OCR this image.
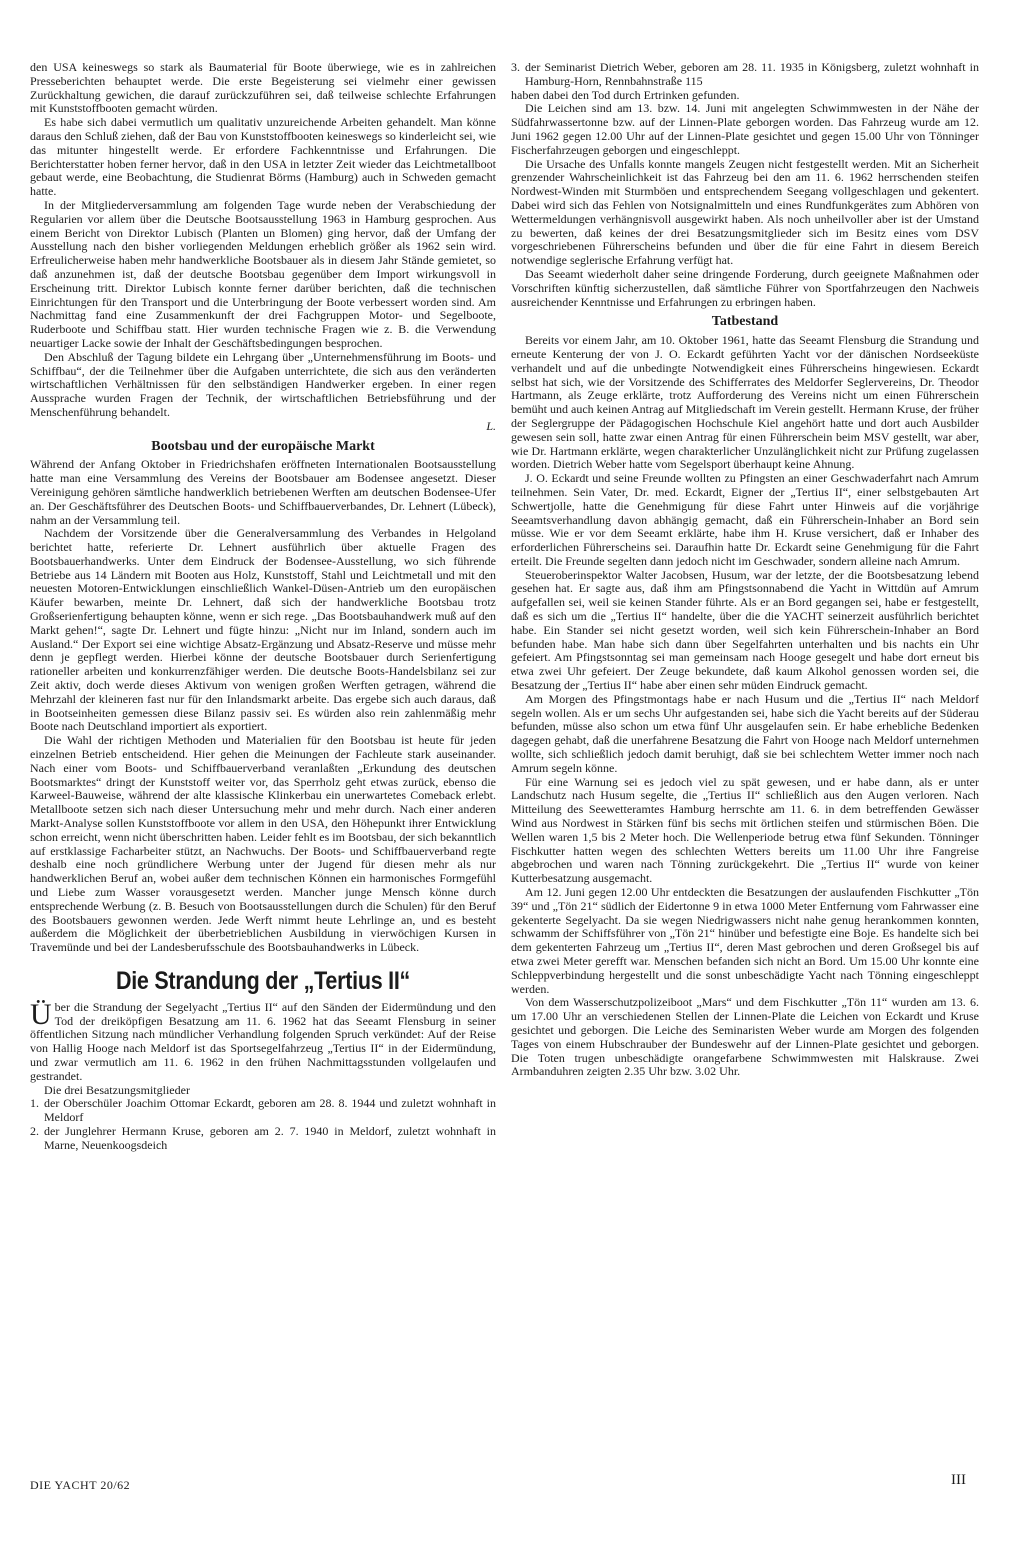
den USA keineswegs so stark als Baumaterial für Boote überwiege, wie es in zahlreichen Presseberichten behauptet werde. Die erste Begeisterung sei vielmehr einer gewissen Zurückhaltung gewichen, die darauf zurückzuführen sei, daß teilweise schlechte Erfahrungen mit Kunststoffbooten gemacht würden.

Es habe sich dabei vermutlich um qualitativ unzureichende Arbeiten gehandelt. Man könne daraus den Schluß ziehen, daß der Bau von Kunststoffbooten keineswegs so kinderleicht sei, wie das mitunter hingestellt werde. Er erfordere Fachkenntnisse und Erfahrungen. Die Berichterstatter hoben ferner hervor, daß in den USA in letzter Zeit wieder das Leichtmetallboot gebaut werde, eine Beobachtung, die Studienrat Börms (Hamburg) auch in Schweden gemacht hatte.

In der Mitgliederversammlung am folgenden Tage wurde neben der Verabschiedung der Regularien vor allem über die Deutsche Bootsausstellung 1963 in Hamburg gesprochen. Aus einem Bericht von Direktor Lubisch (Planten un Blomen) ging hervor, daß der Umfang der Ausstellung nach den bisher vorliegenden Meldungen erheblich größer als 1962 sein wird. Erfreulicherweise haben mehr handwerkliche Bootsbauer als in diesem Jahr Stände gemietet, so daß anzunehmen ist, daß der deutsche Bootsbau gegenüber dem Import wirkungsvoll in Erscheinung tritt. Direktor Lubisch konnte ferner darüber berichten, daß die technischen Einrichtungen für den Transport und die Unterbringung der Boote verbessert worden sind. Am Nachmittag fand eine Zusammenkunft der drei Fachgruppen Motor- und Segelboote, Ruderboote und Schiffbau statt. Hier wurden technische Fragen wie z. B. die Verwendung neuartiger Lacke sowie der Inhalt der Geschäftsbedingungen besprochen.

Den Abschluß der Tagung bildete ein Lehrgang über „Unternehmensführung im Boots- und Schiffbau“, der die Teilnehmer über die Aufgaben unterrichtete, die sich aus den veränderten wirtschaftlichen Verhältnissen für den selbständigen Handwerker ergeben. In einer regen Aussprache wurden Fragen der Technik, der wirtschaftlichen Betriebsführung und der Menschenführung behandelt.

L.

Bootsbau und der europäische Markt

Während der Anfang Oktober in Friedrichshafen eröffneten Internationalen Bootsausstellung hatte man eine Versammlung des Vereins der Bootsbauer am Bodensee angesetzt. Dieser Vereinigung gehören sämtliche handwerklich betriebenen Werften am deutschen Bodensee-Ufer an. Der Geschäftsführer des Deutschen Boots- und Schiffbauerverbandes, Dr. Lehnert (Lübeck), nahm an der Versammlung teil.

Nachdem der Vorsitzende über die Generalversammlung des Verbandes in Helgoland berichtet hatte, referierte Dr. Lehnert ausführlich über aktuelle Fragen des Bootsbauerhandwerks. Unter dem Eindruck der Bodensee-Ausstellung, wo sich führende Betriebe aus 14 Ländern mit Booten aus Holz, Kunststoff, Stahl und Leichtmetall und mit den neuesten Motoren-Entwicklungen einschließlich Wankel-Düsen-Antrieb um den europäischen Käufer bewarben, meinte Dr. Lehnert, daß sich der handwerkliche Bootsbau trotz Großserienfertigung behaupten könne, wenn er sich rege. „Das Bootsbauhandwerk muß auf den Markt gehen!“, sagte Dr. Lehnert und fügte hinzu: „Nicht nur im Inland, sondern auch im Ausland.“ Der Export sei eine wichtige Absatz-Ergänzung und Absatz-Reserve und müsse mehr denn je gepflegt werden. Hierbei könne der deutsche Bootsbauer durch Serienfertigung rationeller arbeiten und konkurrenzfähiger werden. Die deutsche Boots-Handelsbilanz sei zur Zeit aktiv, doch werde dieses Aktivum von wenigen großen Werften getragen, während die Mehrzahl der kleineren fast nur für den Inlandsmarkt arbeite. Das ergebe sich auch daraus, daß in Bootseinheiten gemessen diese Bilanz passiv sei. Es würden also rein zahlenmäßig mehr Boote nach Deutschland importiert als exportiert.

Die Wahl der richtigen Methoden und Materialien für den Bootsbau ist heute für jeden einzelnen Betrieb entscheidend. Hier gehen die Meinungen der Fachleute stark auseinander. Nach einer vom Boots- und Schiffbauerverband veranlaßten „Erkundung des deutschen Bootsmarktes“ dringt der Kunststoff weiter vor, das Sperrholz geht etwas zurück, ebenso die Karweel-Bauweise, während der alte klassische Klinkerbau ein unerwartetes Comeback erlebt. Metallboote setzen sich nach dieser Untersuchung mehr und mehr durch. Nach einer anderen Markt-Analyse sollen Kunststoffboote vor allem in den USA, den Höhepunkt ihrer Entwicklung schon erreicht, wenn nicht überschritten haben. Leider fehlt es im Bootsbau, der sich bekanntlich auf erstklassige Facharbeiter stützt, an Nachwuchs. Der Boots- und Schiffbauerverband regte deshalb eine noch gründlichere Werbung unter der Jugend für diesen mehr als nur handwerklichen Beruf an, wobei außer dem technischen Können ein harmonisches Formgefühl und Liebe zum Wasser vorausgesetzt werden. Mancher junge Mensch könne durch entsprechende Werbung (z. B. Besuch von Bootsausstellungen durch die Schulen) für den Beruf des Bootsbauers gewonnen werden. Jede Werft nimmt heute Lehrlinge an, und es besteht außerdem die Möglichkeit der überbetrieblichen Ausbildung in vierwöchigen Kursen in Travemünde und bei der Landesberufsschule des Bootsbauhandwerks in Lübeck.

Die Strandung der „Tertius II“

Über die Strandung der Segelyacht „Tertius II“ auf den Sänden der Eidermündung und den Tod der dreiköpfigen Besatzung am 11. 6. 1962 hat das Seeamt Flensburg in seiner öffentlichen Sitzung nach mündlicher Verhandlung folgenden Spruch verkündet: Auf der Reise von Hallig Hooge nach Meldorf ist das Sportsegelfahrzeug „Tertius II“ in der Eidermündung, und zwar vermutlich am 11. 6. 1962 in den frühen Nachmittagsstunden vollgelaufen und gestrandet.

Die drei Besatzungsmitglieder

1. der Oberschüler Joachim Ottomar Eckardt, geboren am 28. 8. 1944 und zuletzt wohnhaft in Meldorf
2. der Junglehrer Hermann Kruse, geboren am 2. 7. 1940 in Meldorf, zuletzt wohnhaft in Marne, Neuenkoogsdeich
3. der Seminarist Dietrich Weber, geboren am 28. 11. 1935 in Königsberg, zuletzt wohnhaft in Hamburg-Horn, Rennbahnstraße 115

haben dabei den Tod durch Ertrinken gefunden.

Die Leichen sind am 13. bzw. 14. Juni mit angelegten Schwimmwesten in der Nähe der Südfahrwassertonne bzw. auf der Linnen-Plate geborgen worden. Das Fahrzeug wurde am 12. Juni 1962 gegen 12.00 Uhr auf der Linnen-Plate gesichtet und gegen 15.00 Uhr von Tönninger Fischerfahrzeugen geborgen und eingeschleppt.

Die Ursache des Unfalls konnte mangels Zeugen nicht festgestellt werden. Mit an Sicherheit grenzender Wahrscheinlichkeit ist das Fahrzeug bei den am 11. 6. 1962 herrschenden steifen Nordwest-Winden mit Sturmböen und entsprechendem Seegang vollgeschlagen und gekentert. Dabei wird sich das Fehlen von Notsignalmitteln und eines Rundfunkgerätes zum Abhören von Wettermeldungen verhängnisvoll ausgewirkt haben. Als noch unheilvoller aber ist der Umstand zu bewerten, daß keines der drei Besatzungsmitglieder sich im Besitz eines vom DSV vorgeschriebenen Führerscheins befunden und über die für eine Fahrt in diesem Bereich notwendige seglerische Erfahrung verfügt hat.

Das Seeamt wiederholt daher seine dringende Forderung, durch geeignete Maßnahmen oder Vorschriften künftig sicherzustellen, daß sämtliche Führer von Sportfahrzeugen den Nachweis ausreichender Kenntnisse und Erfahrungen zu erbringen haben.

Tatbestand

Bereits vor einem Jahr, am 10. Oktober 1961, hatte das Seeamt Flensburg die Strandung und erneute Kenterung der von J. O. Eckardt geführten Yacht vor der dänischen Nordseeküste verhandelt und auf die unbedingte Notwendigkeit eines Führerscheins hingewiesen. Eckardt selbst hat sich, wie der Vorsitzende des Schifferrates des Meldorfer Seglervereins, Dr. Theodor Hartmann, als Zeuge erklärte, trotz Aufforderung des Vereins nicht um einen Führerschein bemüht und auch keinen Antrag auf Mitgliedschaft im Verein gestellt. Hermann Kruse, der früher der Seglergruppe der Pädagogischen Hochschule Kiel angehört hatte und dort auch Ausbilder gewesen sein soll, hatte zwar einen Antrag für einen Führerschein beim MSV gestellt, war aber, wie Dr. Hartmann erklärte, wegen charakterlicher Unzulänglichkeit nicht zur Prüfung zugelassen worden. Dietrich Weber hatte vom Segelsport überhaupt keine Ahnung.

J. O. Eckardt und seine Freunde wollten zu Pfingsten an einer Geschwaderfahrt nach Amrum teilnehmen. Sein Vater, Dr. med. Eckardt, Eigner der „Tertius II“, einer selbstgebauten Art Schwertjolle, hatte die Genehmigung für diese Fahrt unter Hinweis auf die vorjährige Seeamtsverhandlung davon abhängig gemacht, daß ein Führerschein-Inhaber an Bord sein müsse. Wie er vor dem Seeamt erklärte, habe ihm H. Kruse versichert, daß er Inhaber des erforderlichen Führerscheins sei. Daraufhin hatte Dr. Eckardt seine Genehmigung für die Fahrt erteilt. Die Freunde segelten dann jedoch nicht im Geschwader, sondern alleine nach Amrum.

Steueroberinspektor Walter Jacobsen, Husum, war der letzte, der die Bootsbesatzung lebend gesehen hat. Er sagte aus, daß ihm am Pfingstsonnabend die Yacht in Wittdün auf Amrum aufgefallen sei, weil sie keinen Stander führte. Als er an Bord gegangen sei, habe er festgestellt, daß es sich um die „Tertius II“ handelte, über die die YACHT seinerzeit ausführlich berichtet habe. Ein Stander sei nicht gesetzt worden, weil sich kein Führerschein-Inhaber an Bord befunden habe. Man habe sich dann über Segelfahrten unterhalten und bis nachts ein Uhr gefeiert. Am Pfingstsonntag sei man gemeinsam nach Hooge gesegelt und habe dort erneut bis etwa zwei Uhr gefeiert. Der Zeuge bekundete, daß kaum Alkohol genossen worden sei, die Besatzung der „Tertius II“ habe aber einen sehr müden Eindruck gemacht.

Am Morgen des Pfingstmontags habe er nach Husum und die „Tertius II“ nach Meldorf segeln wollen. Als er um sechs Uhr aufgestanden sei, habe sich die Yacht bereits auf der Süderau befunden, müsse also schon um etwa fünf Uhr ausgelaufen sein. Er habe erhebliche Bedenken dagegen gehabt, daß die unerfahrene Besatzung die Fahrt von Hooge nach Meldorf unternehmen wollte, sich schließlich jedoch damit beruhigt, daß sie bei schlechtem Wetter immer noch nach Amrum segeln könne.

Für eine Warnung sei es jedoch viel zu spät gewesen, und er habe dann, als er unter Landschutz nach Husum segelte, die „Tertius II“ schließlich aus den Augen verloren. Nach Mitteilung des Seewetteramtes Hamburg herrschte am 11. 6. in dem betreffenden Gewässer Wind aus Nordwest in Stärken fünf bis sechs mit örtlichen steifen und stürmischen Böen. Die Wellen waren 1,5 bis 2 Meter hoch. Die Wellenperiode betrug etwa fünf Sekunden. Tönninger Fischkutter hatten wegen des schlechten Wetters bereits um 11.00 Uhr ihre Fangreise abgebrochen und waren nach Tönning zurückgekehrt. Die „Tertius II“ wurde von keiner Kutterbesatzung ausgemacht.

Am 12. Juni gegen 12.00 Uhr entdeckten die Besatzungen der auslaufenden Fischkutter „Tön 39“ und „Tön 21“ südlich der Eidertonne 9 in etwa 1000 Meter Entfernung vom Fahrwasser eine gekenterte Segelyacht. Da sie wegen Niedrigwassers nicht nahe genug herankommen konnten, schwamm der Schiffsführer von „Tön 21“ hinüber und befestigte eine Boje. Es handelte sich bei dem gekenterten Fahrzeug um „Tertius II“, deren Mast gebrochen und deren Großsegel bis auf etwa zwei Meter gerefft war. Menschen befanden sich nicht an Bord. Um 15.00 Uhr konnte eine Schleppverbindung hergestellt und die sonst unbeschädigte Yacht nach Tönning eingeschleppt werden.

Von dem Wasserschutzpolizeiboot „Mars“ und dem Fischkutter „Tön 11“ wurden am 13. 6. um 17.00 Uhr an verschiedenen Stellen der Linnen-Plate die Leichen von Eckardt und Kruse gesichtet und geborgen. Die Leiche des Seminaristen Weber wurde am Morgen des folgenden Tages von einem Hubschrauber der Bundeswehr auf der Linnen-Plate gesichtet und geborgen. Die Toten trugen unbeschädigte orangefarbene Schwimmwesten mit Halskrause. Zwei Armbanduhren zeigten 2.35 Uhr bzw. 3.02 Uhr.

DIE YACHT 20/62	III
